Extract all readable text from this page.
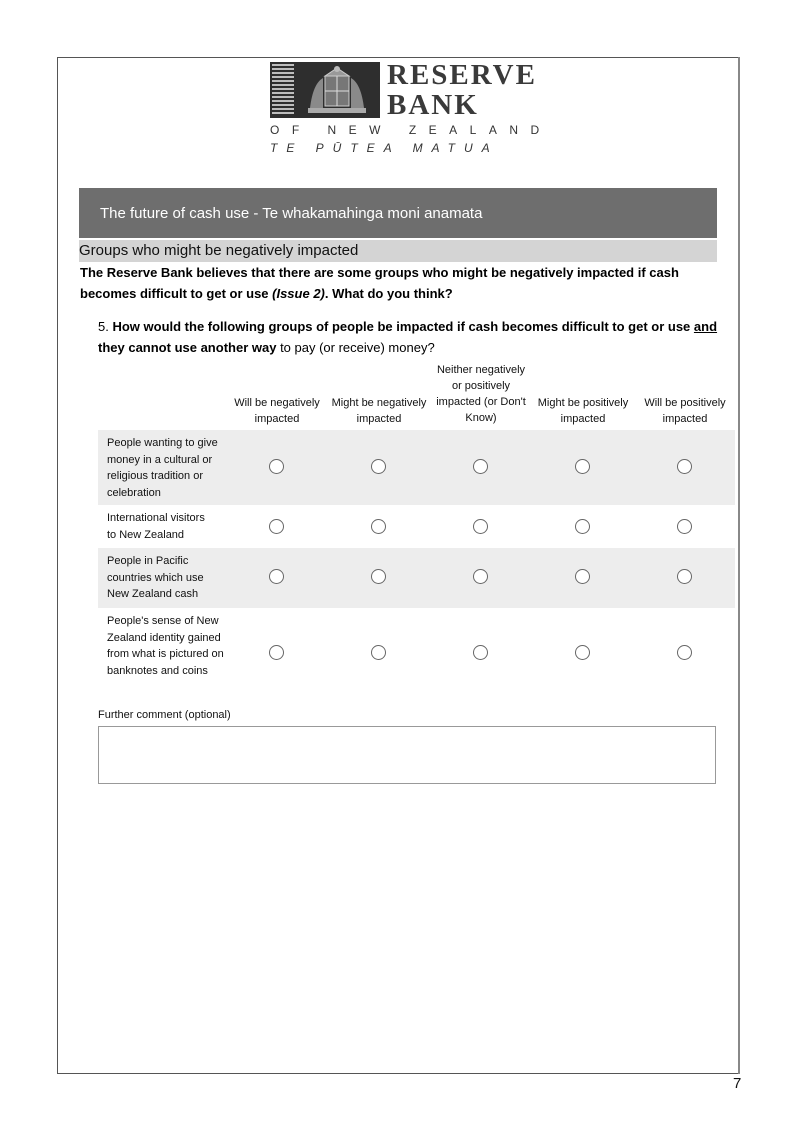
RESERVE
BANK
OF NEW ZEALAND
TE PŪTEA MATUA
The future of cash use - Te whakamahinga moni anamata
Groups who might be negatively impacted
The Reserve Bank believes that there are some groups who might be negatively impacted if cash becomes difficult to get or use (Issue 2). What do you think?
5. How would the following groups of people be impacted if cash becomes difficult to get or use and they cannot use another way to pay (or receive) money?
Will be negatively impacted
Might be negatively impacted
Neither negatively or positively impacted (or Don't Know)
Might be positively impacted
Will be positively impacted
People wanting to give money in a cultural or religious tradition or celebration
International visitors to New Zealand
People in Pacific countries which use New Zealand cash
People's sense of New Zealand identity gained from what is pictured on banknotes and coins
Further comment (optional)
7
